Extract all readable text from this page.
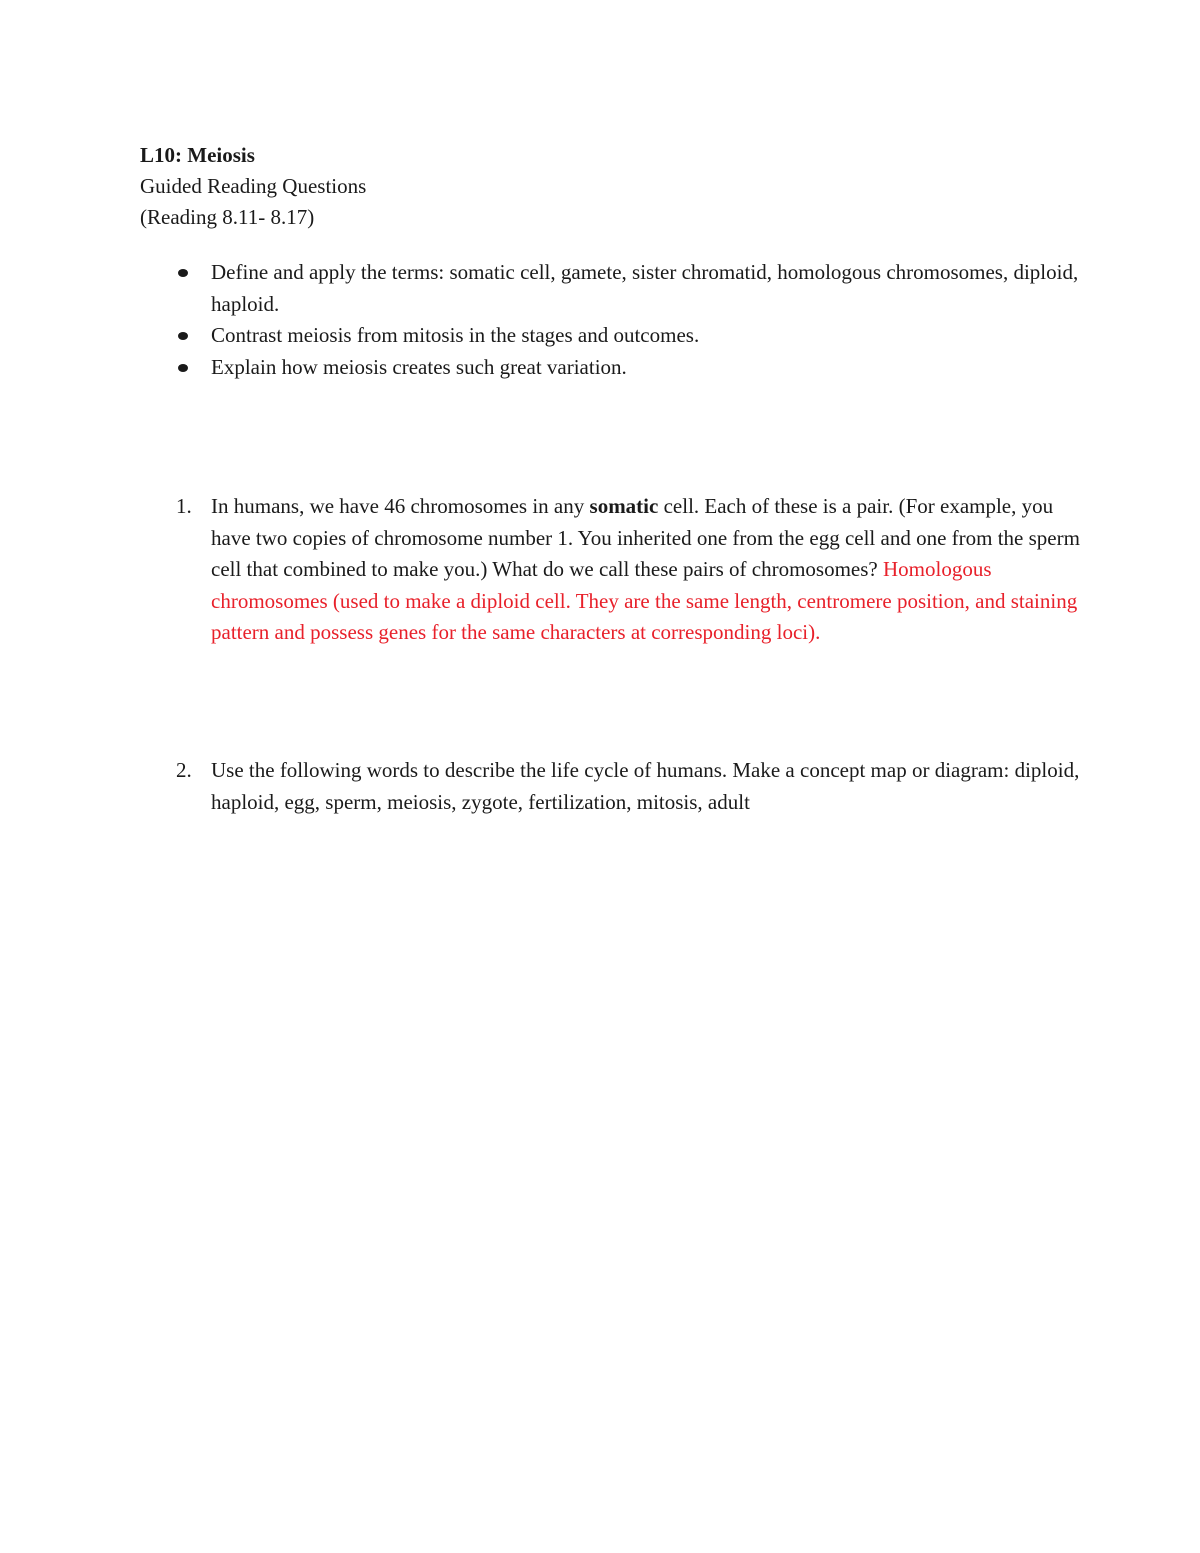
L10: Meiosis
Guided Reading Questions
(Reading 8.11- 8.17)
Define and apply the terms: somatic cell, gamete, sister chromatid, homologous chromosomes, diploid, haploid.
Contrast meiosis from mitosis in the stages and outcomes.
Explain how meiosis creates such great variation.
1. In humans, we have 46 chromosomes in any somatic cell. Each of these is a pair. (For example, you have two copies of chromosome number 1. You inherited one from the egg cell and one from the sperm cell that combined to make you.) What do we call these pairs of chromosomes? Homologous chromosomes (used to make a diploid cell. They are the same length, centromere position, and staining pattern and possess genes for the same characters at corresponding loci).
2. Use the following words to describe the life cycle of humans. Make a concept map or diagram: diploid, haploid, egg, sperm, meiosis, zygote, fertilization, mitosis, adult
